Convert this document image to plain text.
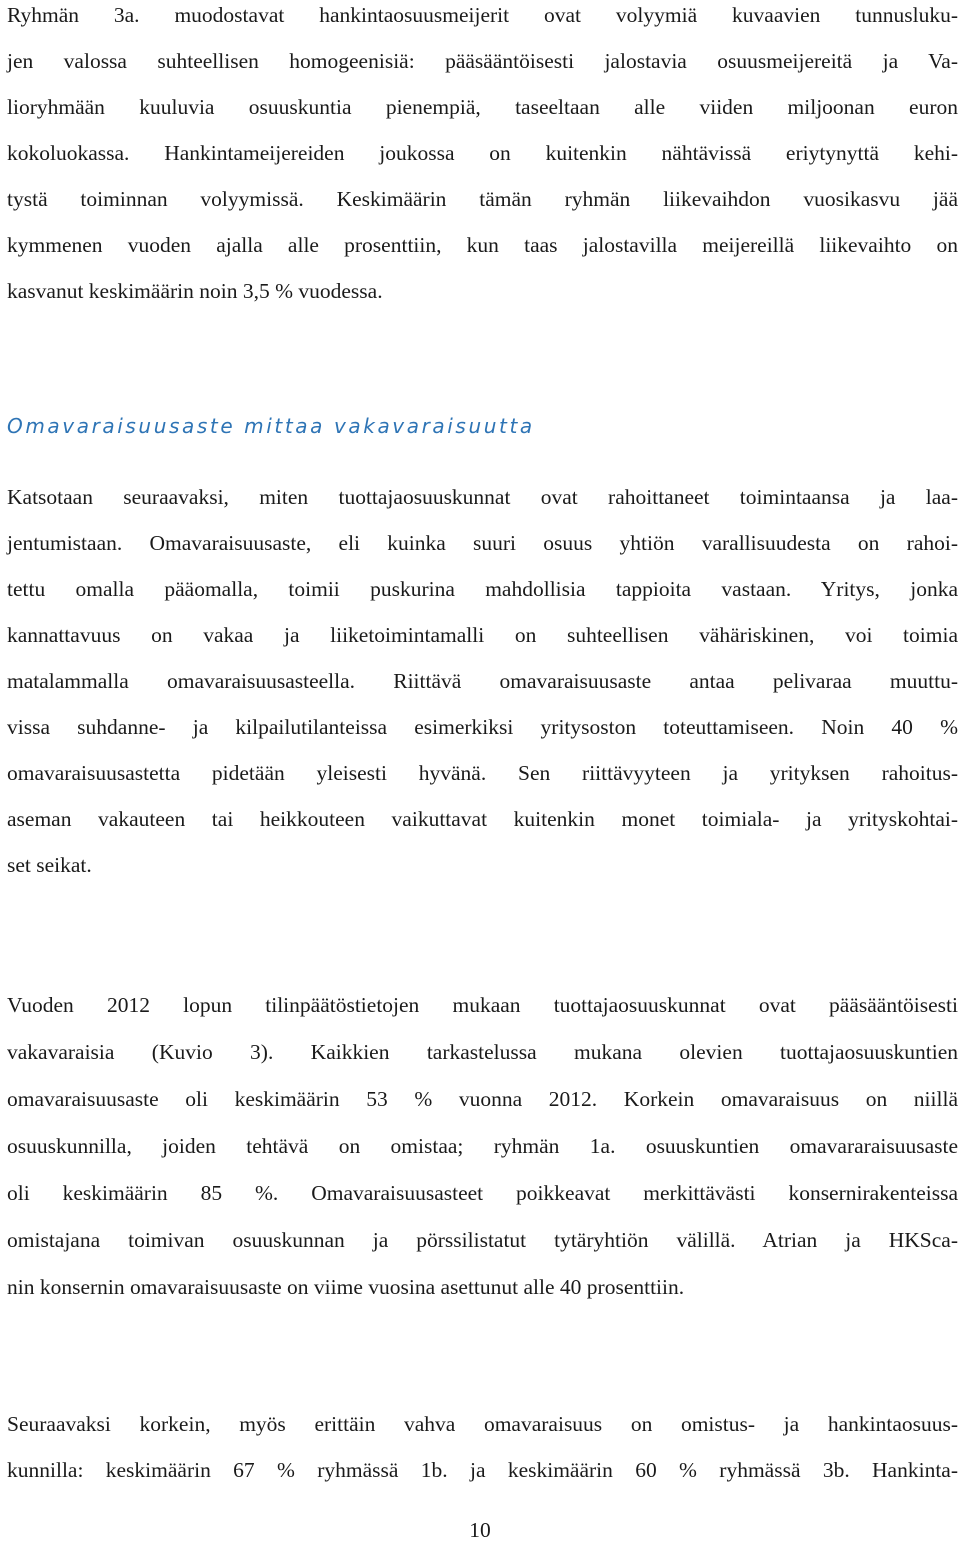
Ryhmän 3a. muodostavat hankintaosuusmeijerit ovat volyymiä kuvaavien tunnusluku-
jen valossa suhteellisen homogeenisiä: pääsääntöisesti jalostavia osuusmeijereitä ja Va-
lioryhmään kuuluvia osuuskuntia pienempiä, taseeltaan alle viiden miljoonan euron
kokoluokassa. Hankintameijereiden joukossa on kuitenkin nähtävissä eriytynyttä kehi-
tystä toiminnan volyymissä. Keskimäärin tämän ryhmän liikevaihdon vuosikasvu jää
kymmenen vuoden ajalla alle prosenttiin, kun taas jalostavilla meijereillä liikevaihto on
kasvanut keskimäärin noin 3,5 % vuodessa.
Omavaraisuusaste mittaa vakavaraisuutta
Katsotaan seuraavaksi, miten tuottajaosuuskunnat ovat rahoittaneet toimintaansa ja laa-
jentumistaan. Omavaraisuusaste, eli kuinka suuri osuus yhtiön varallisuudesta on rahoi-
tettu omalla pääomalla, toimii puskurina mahdollisia tappioita vastaan. Yritys, jonka
kannattavuus on vakaa ja liiketoimintamalli on suhteellisen vähäriskinen, voi toimia
matalammalla omavaraisuusasteella. Riittävä omavaraisuusaste antaa pelivaraa muuttu-
vissa suhdanne- ja kilpailutilanteissa esimerkiksi yritysoston toteuttamiseen. Noin 40 %
omavaraisuusastetta pidetään yleisesti hyvänä. Sen riittävyyteen ja yrityksen rahoitus-
aseman vakauteen tai heikkouteen vaikuttavat kuitenkin monet toimiala- ja yrityskohtai-
set seikat.
Vuoden 2012 lopun tilinpäätöstietojen mukaan tuottajaosuuskunnat ovat pääsääntöisesti
vakavaraisia (Kuvio 3). Kaikkien tarkastelussa mukana olevien tuottajaosuuskuntien
omavaraisuusaste oli keskimäärin 53 % vuonna 2012. Korkein omavaraisuus on niillä
osuuskunnilla, joiden tehtävä on omistaa; ryhmän 1a. osuuskuntien omavararaisuusaste
oli keskimäärin 85 %. Omavaraisuusasteet poikkeavat merkittävästi konsernirakenteissa
omistajana toimivan osuuskunnan ja pörssilistatut tytäryhtiön välillä. Atrian ja HKSca-
nin konsernin omavaraisuusaste on viime vuosina asettunut alle 40 prosenttiin.
Seuraavaksi korkein, myös erittäin vahva omavaraisuus on omistus- ja hankintaosuus-
kunnilla: keskimäärin 67 % ryhmässä 1b. ja keskimäärin 60 % ryhmässä 3b. Hankinta-
10
